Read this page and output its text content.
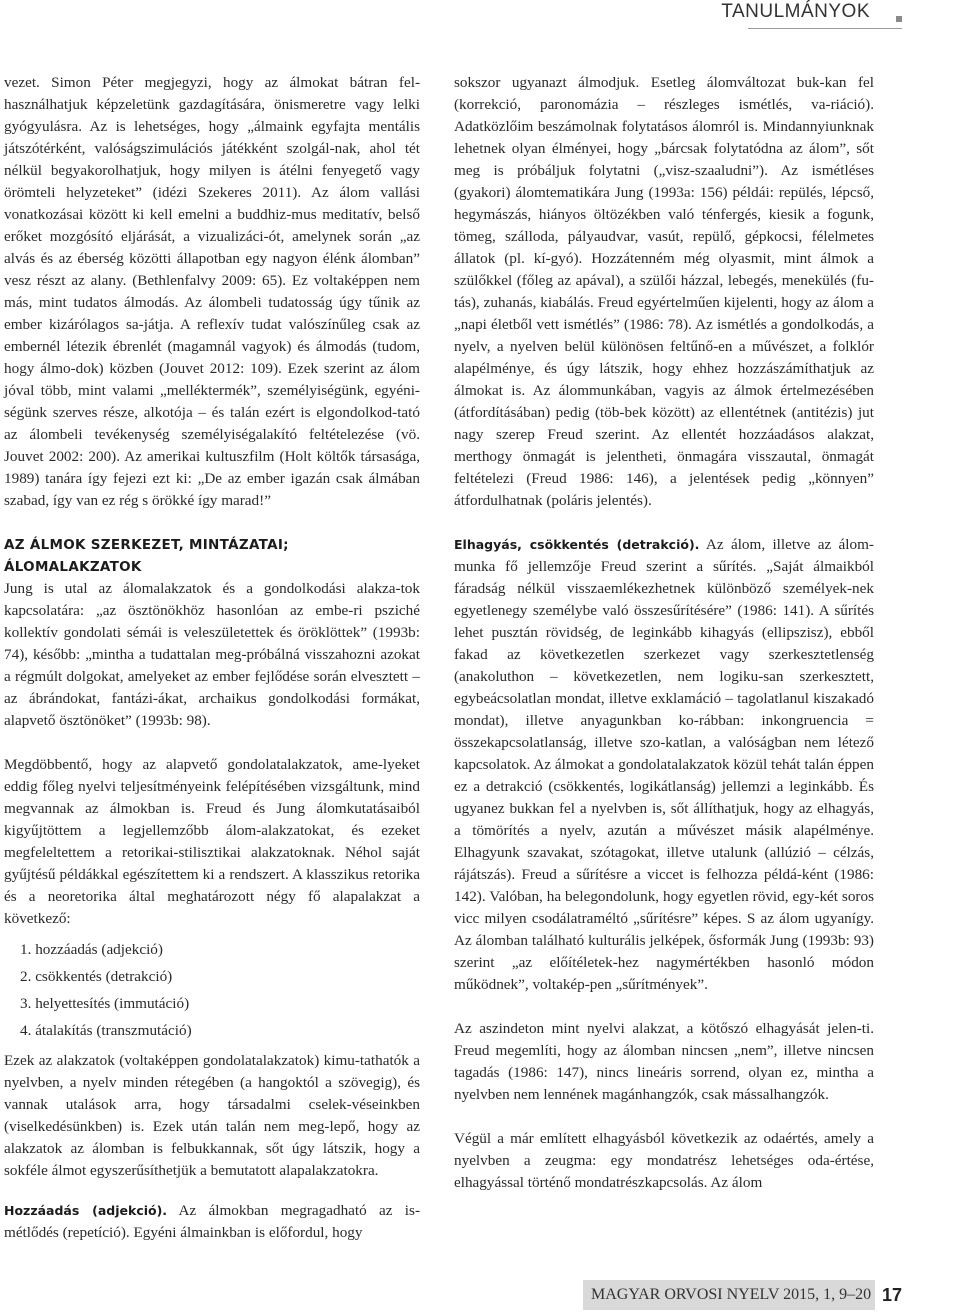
TANULMÁNYOK

vezet. Simon Péter megjegyzi, hogy az álmokat bátran fel-használhatjuk képzeletünk gazdagítására, önismeretre vagy lelki gyógyulásra. Az is lehetséges, hogy „álmaink egyfajta mentális játszótérként, valóságszimulációs játékként szolgál-nak, ahol tét nélkül begyakorolhatjuk, hogy milyen is átélni fenyegető vagy örömteli helyzeteket” (idézi Szekeres 2011). Az álom vallási vonatkozásai között ki kell emelni a buddhiz-mus meditatív, belső erőket mozgósító eljárását, a vizualizáci-ót, amelynek során „az alvás és az éberség közötti állapotban egy nagyon élénk álomban” vesz részt az alany. (Bethlenfalvy 2009: 65). Ez voltaképpen nem más, mint tudatos álmodás. Az álombeli tudatosság úgy tűnik az ember kizárólagos sa-játja. A reflexív tudat valószínűleg csak az embernél létezik ébrenlét (magamnál vagyok) és álmodás (tudom, hogy álmo-dok) közben (Jouvet 2012: 109). Ezek szerint az álom jóval több, mint valami „melléktermék”, személyiségünk, egyéni-ségünk szerves része, alkotója – és talán ezért is elgondolkod-tató az álombeli tevékenység személyiségalakító feltételezése (vö. Jouvet 2002: 200). Az amerikai kultuszfilm (Holt költők társasága, 1989) tanára így fejezi ezt ki: „De az ember igazán csak álmában szabad, így van ez rég s örökké így marad!”

AZ ÁLMOK SZERKEZET, MINTÁZATAI; ÁLOMALAKZATOK

Jung is utal az álomalakzatok és a gondolkodási alakza-tok kapcsolatára: „az ösztönökhöz hasonlóan az embe-ri psziché kollektív gondolati sémái is veleszületettek és öröklöttek” (1993b: 74), később: „mintha a tudattalan meg-próbálná visszahozni azokat a régmúlt dolgokat, amelyeket az ember fejlődése során elvesztett – az ábrándokat, fantázi-ákat, archaikus gondolkodási formákat, alapvető ösztönöket” (1993b: 98).

Megdöbbentő, hogy az alapvető gondolatalakzatok, ame-lyeket eddig főleg nyelvi teljesítményeink felépítésében vizsgáltunk, mind megvannak az álmokban is. Freud és Jung álomkutatásaiból kigyűjtöttem a legjellemzőbb álom-alakzatokat, és ezeket megfeleltettem a retorikai-stilisztikai alakzatoknak. Néhol saját gyűjtésű példákkal egészítettem ki a rendszert. A klasszikus retorika és a neoretorika által meghatározott négy fő alapalakzat a következő:

1. hozzáadás (adjekció)
2. csökkentés (detrakció)
3. helyettesítés (immutáció)
4. átalakítás (transzmutáció)

Ezek az alakzatok (voltaképpen gondolatalakzatok) kimu-tathatók a nyelvben, a nyelv minden rétegében (a hangoktól a szövegig), és vannak utalások arra, hogy társadalmi cselek-véseinkben (viselkedésünkben) is. Ezek után talán nem meg-lepő, hogy az alakzatok az álomban is felbukkannak, sőt úgy látszik, hogy a sokféle álmot egyszerűsíthetjük a bemutatott alapalakzatokra.

Hozzáadás (adjekció). Az álmokban megragadható az is-métlődés (repetíció). Egyéni álmainkban is előfordul, hogy

sokszor ugyanazt álmodjuk. Esetleg álomváltozat buk-kan fel (korrekció, paronomázia – részleges ismétlés, va-riáció). Adatközlőim beszámolnak folytatásos álomról is. Mindannyiunknak lehetnek olyan élményei, hogy „bárcsak folytatódna az álom”, sőt meg is próbáljuk folytatni („visz-szaaludni”). Az ismétléses (gyakori) álomtematikára Jung (1993a: 156) példái: repülés, lépcső, hegymászás, hiányos öltözékben való ténfergés, kiesik a fogunk, tömeg, szálloda, pályaudvar, vasút, repülő, gépkocsi, félelmetes állatok (pl. kí-gyó). Hozzátenném még olyasmit, mint álmok a szülőkkel (főleg az apával), a szülői házzal, lebegés, menekülés (fu-tás), zuhanás, kiabálás. Freud egyértelműen kijelenti, hogy az álom a „napi életből vett ismétlés” (1986: 78). Az ismétlés a gondolkodás, a nyelv, a nyelven belül különösen feltűnő-en a művészet, a folklór alapélménye, és úgy látszik, hogy ehhez hozzászámíthatjuk az álmokat is. Az álommunkában, vagyis az álmok értelmezésében (átfordításában) pedig (töb-bek között) az ellentétnek (antitézis) jut nagy szerep Freud szerint. Az ellentét hozzáadásos alakzat, merthogy önmagát is jelentheti, önmagára visszautal, önmagát feltételezi (Freud 1986: 146), a jelentések pedig „könnyen” átfordulhatnak (poláris jelentés).

Elhagyás, csökkentés (detrakció). Az álom, illetve az álom-munka fő jellemzője Freud szerint a sűrítés. „Saját álmaikból fáradság nélkül visszaemlékezhetnek különböző személyek-nek egyetlenegy személybe való összesűrítésére” (1986: 141). A sűrítés lehet pusztán rövidség, de leginkább kihagyás (ellipszisz), ebből fakad az következetlen szerkezet vagy szerkesztetlenség (anakoluthon – következetlen, nem logiku-san szerkesztett, egybeácsolatlan mondat, illetve exklamáció – tagolatlanul kiszakadó mondat), illetve anyagunkban ko-rábban: inkongruencia = összekapcsolatlanság, illetve szo-katlan, a valóságban nem létező kapcsolatok. Az álmokat a gondolatalakzatok közül tehát talán éppen ez a detrakció (csökkentés, logikátlanság) jellemzi a leginkább. És ugyanez bukkan fel a nyelvben is, sőt állíthatjuk, hogy az elhagyás, a tömörítés a nyelv, azután a művészet másik alapélménye. Elhagyunk szavakat, szótagokat, illetve utalunk (allúzió – célzás, rájátszás). Freud a sűrítésre a viccet is felhozza példá-ként (1986: 142). Valóban, ha belegondolunk, hogy egyetlen rövid, egy-két soros vicc milyen csodálatraméltó „sűrítésre” képes. S az álom ugyanígy. Az álomban található kulturális jelképek, ősformák Jung (1993b: 93) szerint „az előítéletek-hez nagymértékben hasonló módon működnek”, voltakép-pen „sűrítmények”.

Az aszindeton mint nyelvi alakzat, a kötőszó elhagyását jelen-ti. Freud megemlíti, hogy az álomban nincsen „nem”, illetve nincsen tagadás (1986: 147), nincs lineáris sorrend, olyan ez, mintha a nyelvben nem lennének magánhangzók, csak mássalhangzók.

Végül a már említett elhagyásból következik az odaértés, amely a nyelvben a zeugma: egy mondatrész lehetséges oda-értése, elhagyással történő mondatrészkapcsolás. Az álom

MAGYAR ORVOSI NYELV 2015, 1, 9–20 17
